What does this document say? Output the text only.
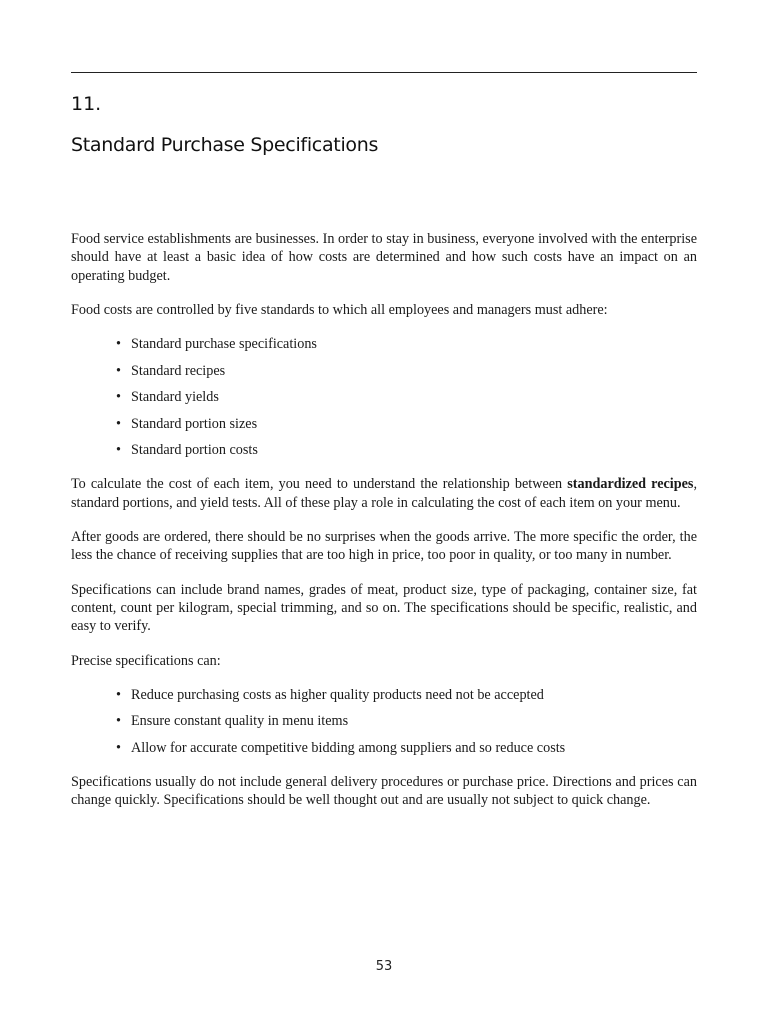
11.
Standard Purchase Specifications

Food service establishments are businesses. In order to stay in business, everyone involved with the enterprise should have at least a basic idea of how costs are determined and how such costs have an impact on an operating budget.

Food costs are controlled by five standards to which all employees and managers must adhere:

• Standard purchase specifications
• Standard recipes
• Standard yields
• Standard portion sizes
• Standard portion costs

To calculate the cost of each item, you need to understand the relationship between standardized recipes, standard portions, and yield tests. All of these play a role in calculating the cost of each item on your menu.

After goods are ordered, there should be no surprises when the goods arrive. The more specific the order, the less the chance of receiving supplies that are too high in price, too poor in quality, or too many in number.

Specifications can include brand names, grades of meat, product size, type of packaging, container size, fat content, count per kilogram, special trimming, and so on. The specifications should be specific, realistic, and easy to verify.

Precise specifications can:

• Reduce purchasing costs as higher quality products need not be accepted
• Ensure constant quality in menu items
• Allow for accurate competitive bidding among suppliers and so reduce costs

Specifications usually do not include general delivery procedures or purchase price. Directions and prices can change quickly. Specifications should be well thought out and are usually not subject to quick change.

53
